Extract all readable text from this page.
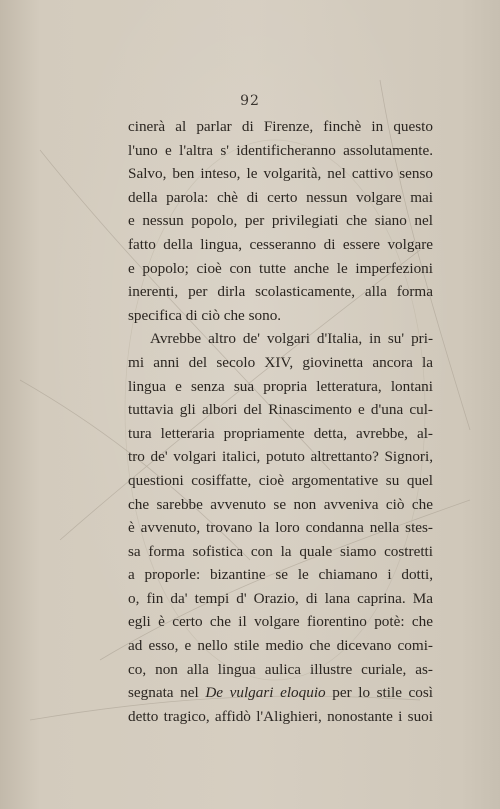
92
cinerà al parlar di Firenze, finchè in questo
l'uno e l'altra s' identificheranno assolutamente.
Salvo, ben inteso, le volgarità, nel cattivo senso
della parola: chè di certo nessun volgare mai
e nessun popolo, per privilegiati che siano nel
fatto della lingua, cesseranno di essere volgare
e popolo; cioè con tutte anche le imperfezioni
inerenti, per dirla scolasticamente, alla forma
specifica di ciò che sono.
Avrebbe altro de' volgari d'Italia, in su' pri-
mi anni del secolo XIV, giovinetta ancora la
lingua e senza sua propria letteratura, lontani
tuttavia gli albori del Rinascimento e d'una cul-
tura letteraria propriamente detta, avrebbe, al-
tro de' volgari italici, potuto altrettanto? Signori,
questioni cosiffatte, cioè argomentative su quel
che sarebbe avvenuto se non avveniva ciò che
è avvenuto, trovano la loro condanna nella stes-
sa forma sofistica con la quale siamo costretti
a proporle: bizantine se le chiamano i dotti,
o, fin da' tempi d' Orazio, di lana caprina. Ma
egli è certo che il volgare fiorentino potè: che
ad esso, e nello stile medio che dicevano comi-
co, non alla lingua aulica illustre curiale, as-
segnata nel De vulgari eloquio per lo stile così
detto tragico, affidò l'Alighieri, nonostante i suoi
